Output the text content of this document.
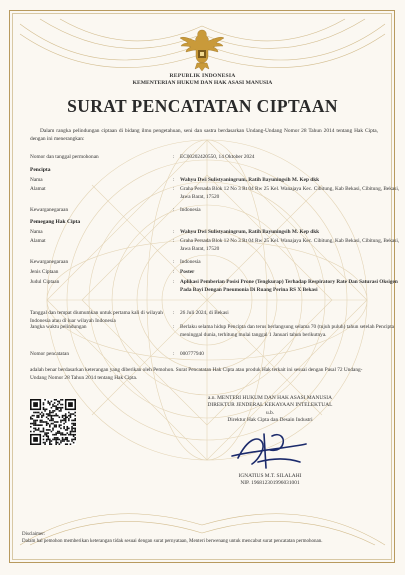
REPUBLIK INDONESIA
KEMENTERIAN HUKUM DAN HAK ASASI MANUSIA
SURAT PENCATATAN CIPTAAN
Dalam rangka pelindungan ciptaan di bidang ilmu pengetahuan, seni dan sastra berdasarkan Undang-Undang Nomor 28 Tahun 2014 tentang Hak Cipta, dengan ini menerangkan:
Nomor dan tanggal permohonan	: EC00202420550, 14 Oktober 2024
Pencipta
Nama	: Wahyu Dwi Sulistyaningrum, Ratih Bayuningsih M. Kep dkk
Alamat	: Graha Persada Blok 12 No 3 Rt 04 Rw 25 Kel. Wanajaya Kec. Cibitung, Kab Bekasi, Cibitung, Bekasi, Jawa Barat, 17520
Kewarganegaraan	: Indonesia
Pemegang Hak Cipta
Nama	: Wahyu Dwi Sulistyaningrum, Ratih Bayuningsih M. Kep dkk
Alamat	: Graha Persada Blok 12 No 3 Rt 04 Rw 25 Kel. Wanajaya Kec. Cibitung, Kab Bekasi, Cibitung, Bekasi, Jawa Barat, 17520
Kewarganegaraan	: Indonesia
Jenis Ciptaan	: Poster
Judul Ciptaan	: Aplikasi Pemberian Posisi Prone (Tengkurap) Terhadap Respiratory Rate Dan Saturasi Oksigen Pada Bayi Dengan Pneumonia Di Ruang Perina RS X Bekasi
Tanggal dan tempat diumumkan untuk pertama kali di wilayah Indonesia atau di luar wilayah Indonesia
: 26 Juli 2024, di Bekasi
Jangka waktu pelindungan	: Berlaku selama hidup Pencipta dan terus berlangsung selama 70 (tujuh puluh) tahun setelah Pencipta meninggal dunia, terhitung mulai tanggal 1 Januari tahun berikutnya.
Nomor pencatatan	: 000777940
adalah benar berdasarkan keterangan yang diberikan oleh Pemohon. Surat Pencatatan Hak Cipta atau produk Hak terkait ini sesuai dengan Pasal 72 Undang-Undang Nomor 28 Tahun 2014 tentang Hak Cipta.
a.n. MENTERI HUKUM DAN HAK ASASI MANUSIA
DIREKTUR JENDERAL KEKAYAAN INTELEKTUAL
u.b.
Direktur Hak Cipta dan Desain Industri
IGNATIUS M.T. SILALAHI
NIP. 196812301996031001
Disclaimer:
Dalam hal pemohon memberikan keterangan tidak sesuai dengan surat pernyataan, Menteri berwenang untuk mencabut surat pencatatan permohonan.
